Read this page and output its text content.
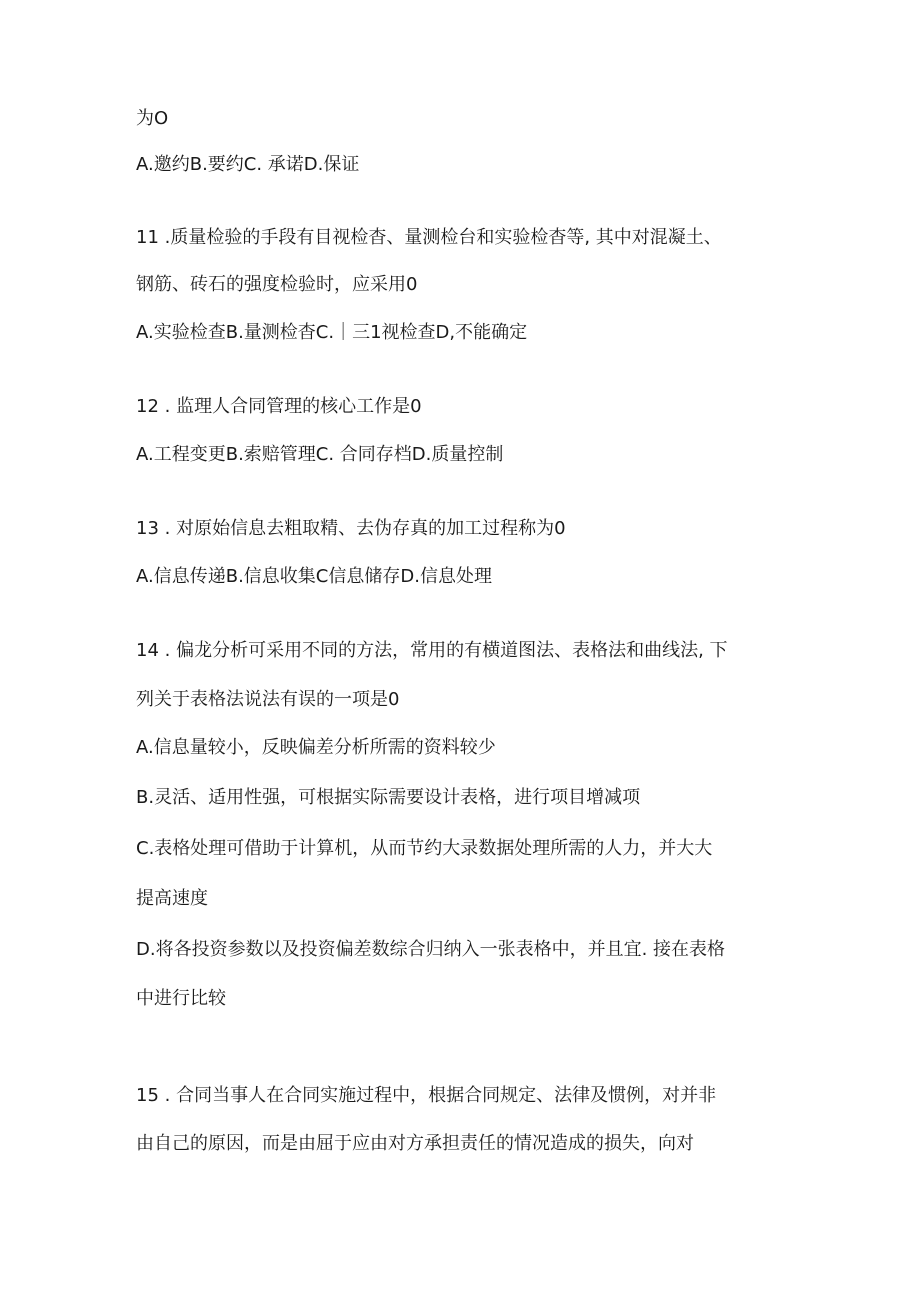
为O
A.邀约B.要约C. 承诺D.保证
11 .质量检验的手段有目视检杳、量测检台和实验检杳等, 其中对混凝土、
钢筋、砖石的强度检验时，应采用0
A.实验检查B.量测检杳C.｜三1视检查D,不能确定
12 . 监理人合同管理的核心工作是0
A.工程变更B.索赔管理C. 合同存档D.质量控制
13 . 对原始信息去粗取精、去伪存真的加工过程称为0
A.信息传递B.信息收集C信息储存D.信息处理
14 . 偏龙分析可采用不同的方法，常用的有横道图法、表格法和曲线法, 下
列关于表格法说法有误的一项是0
A.信息量较小，反映偏差分析所需的资料较少
B.灵活、适用性强，可根据实际需要设计表格，进行项目增减项
C.表格处理可借助于计算机，从而节约大录数据处理所需的人力，并大大
提高速度
D.将各投资参数以及投资偏差数综合归纳入一张表格中，并且宜. 接在表格
中进行比较
15 . 合同当事人在合同实施过程中，根据合同规定、法律及惯例，对并非
由自己的原因，而是由屈于应由对方承担责任的情况造成的损失，向对
